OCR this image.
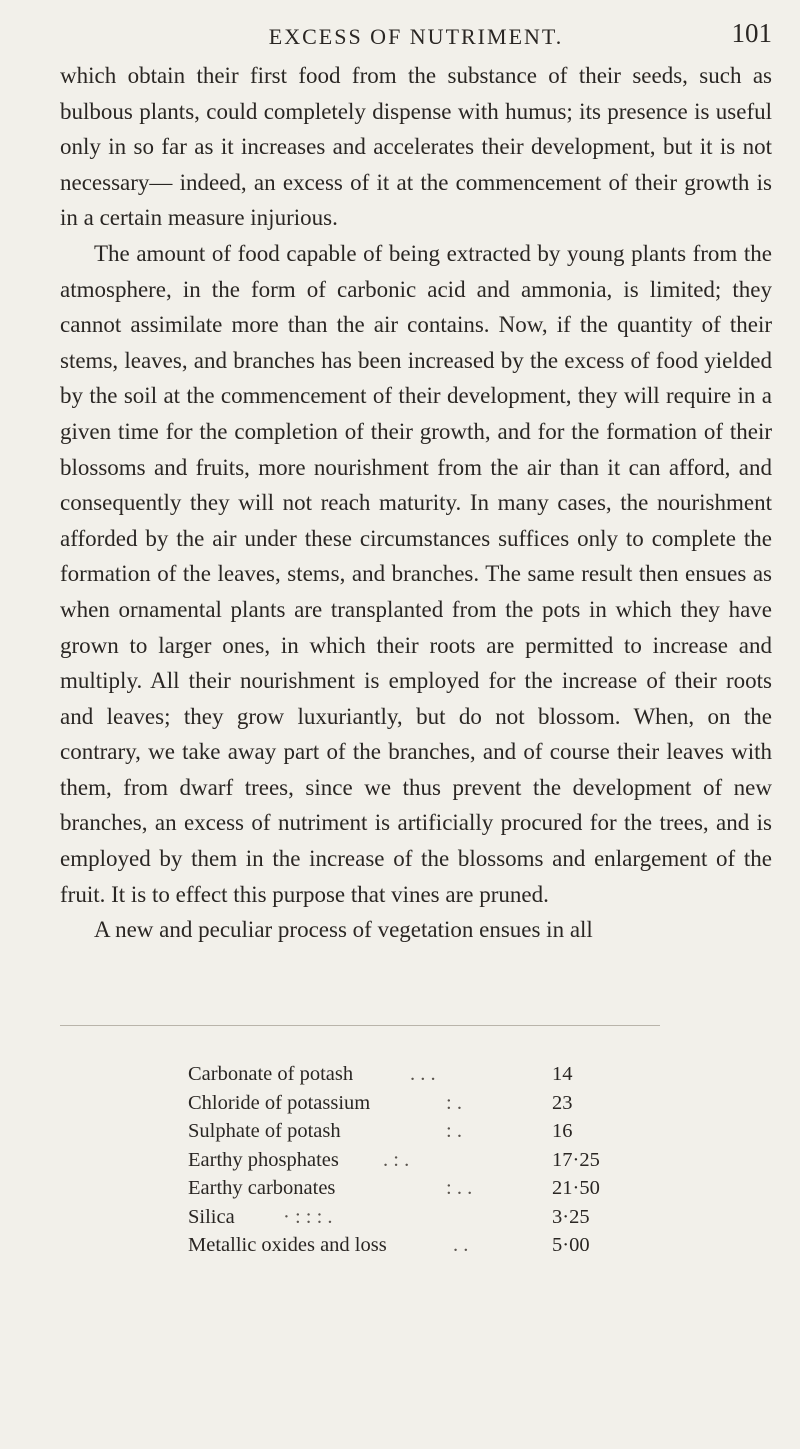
EXCESS OF NUTRIMENT.	101

which obtain their first food from the substance of their seeds, such as bulbous plants, could completely dispense with humus; its presence is useful only in so far as it increases and accelerates their development, but it is not necessary— indeed, an excess of it at the commencement of their growth is in a certain measure injurious.

The amount of food capable of being extracted by young plants from the atmosphere, in the form of carbonic acid and ammonia, is limited; they cannot assimilate more than the air contains. Now, if the quantity of their stems, leaves, and branches has been increased by the excess of food yielded by the soil at the commencement of their development, they will require in a given time for the completion of their growth, and for the formation of their blossoms and fruits, more nourishment from the air than it can afford, and consequently they will not reach maturity. In many cases, the nourishment afforded by the air under these circumstances suffices only to complete the formation of the leaves, stems, and branches. The same result then ensues as when ornamental plants are transplanted from the pots in which they have grown to larger ones, in which their roots are permitted to increase and multiply. All their nourishment is employed for the increase of their roots and leaves; they grow luxuriantly, but do not blossom. When, on the contrary, we take away part of the branches, and of course their leaves with them, from dwarf trees, since we thus prevent the development of new branches, an excess of nutriment is artificially procured for the trees, and is employed by them in the increase of the blossoms and enlargement of the fruit. It is to effect this purpose that vines are pruned.

A new and peculiar process of vegetation ensues in all

Carbonate of potash	. . .	14
Chloride of potassium	: .	23
Sulphate of potash	: .	16
Earthy phosphates . : .	17·25
Earthy carbonates	: . .	21·50
Silica · : : : .	3·25
Metallic oxides and loss	. .	5·00
